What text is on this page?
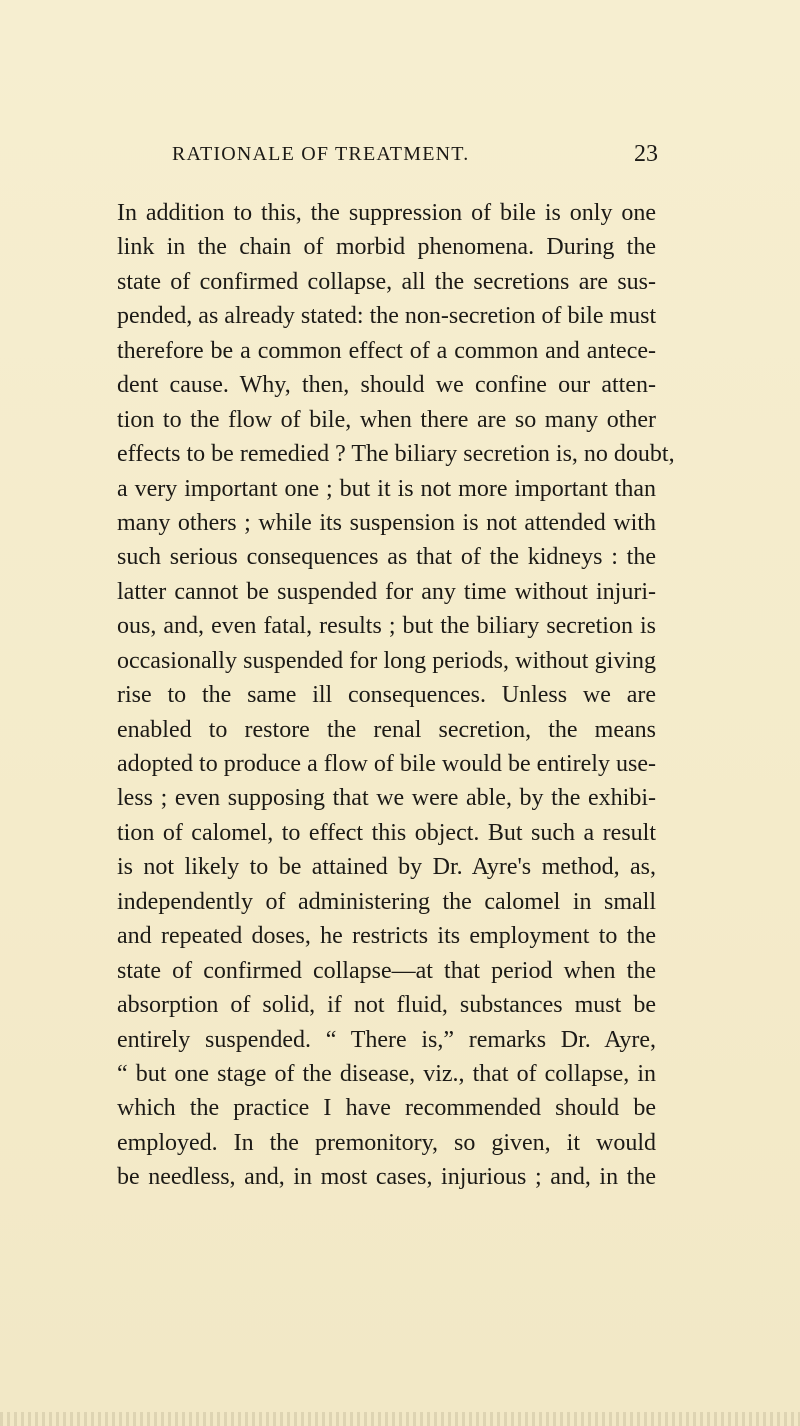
RATIONALE OF TREATMENT.	23
In addition to this, the suppression of bile is only one
link in the chain of morbid phenomena. During the
state of confirmed collapse, all the secretions are sus-
pended, as already stated: the non-secretion of bile must
therefore be a common effect of a common and antece-
dent cause. Why, then, should we confine our atten-
tion to the flow of bile, when there are so many other
effects to be remedied ? The biliary secretion is, no doubt,
a very important one ; but it is not more important than
many others ; while its suspension is not attended with
such serious consequences as that of the kidneys : the
latter cannot be suspended for any time without injuri-
ous, and, even fatal, results ; but the biliary secretion is
occasionally suspended for long periods, without giving
rise to the same ill consequences. Unless we are
enabled to restore the renal secretion, the means
adopted to produce a flow of bile would be entirely use-
less ; even supposing that we were able, by the exhibi-
tion of calomel, to effect this object. But such a result
is not likely to be attained by Dr. Ayre's method, as,
independently of administering the calomel in small
and repeated doses, he restricts its employment to the
state of confirmed collapse—at that period when the
absorption of solid, if not fluid, substances must be
entirely suspended. “ There is,” remarks Dr. Ayre,
“ but one stage of the disease, viz., that of collapse, in
which the practice I have recommended should be
employed. In the premonitory, so given, it would
be needless, and, in most cases, injurious ; and, in the
